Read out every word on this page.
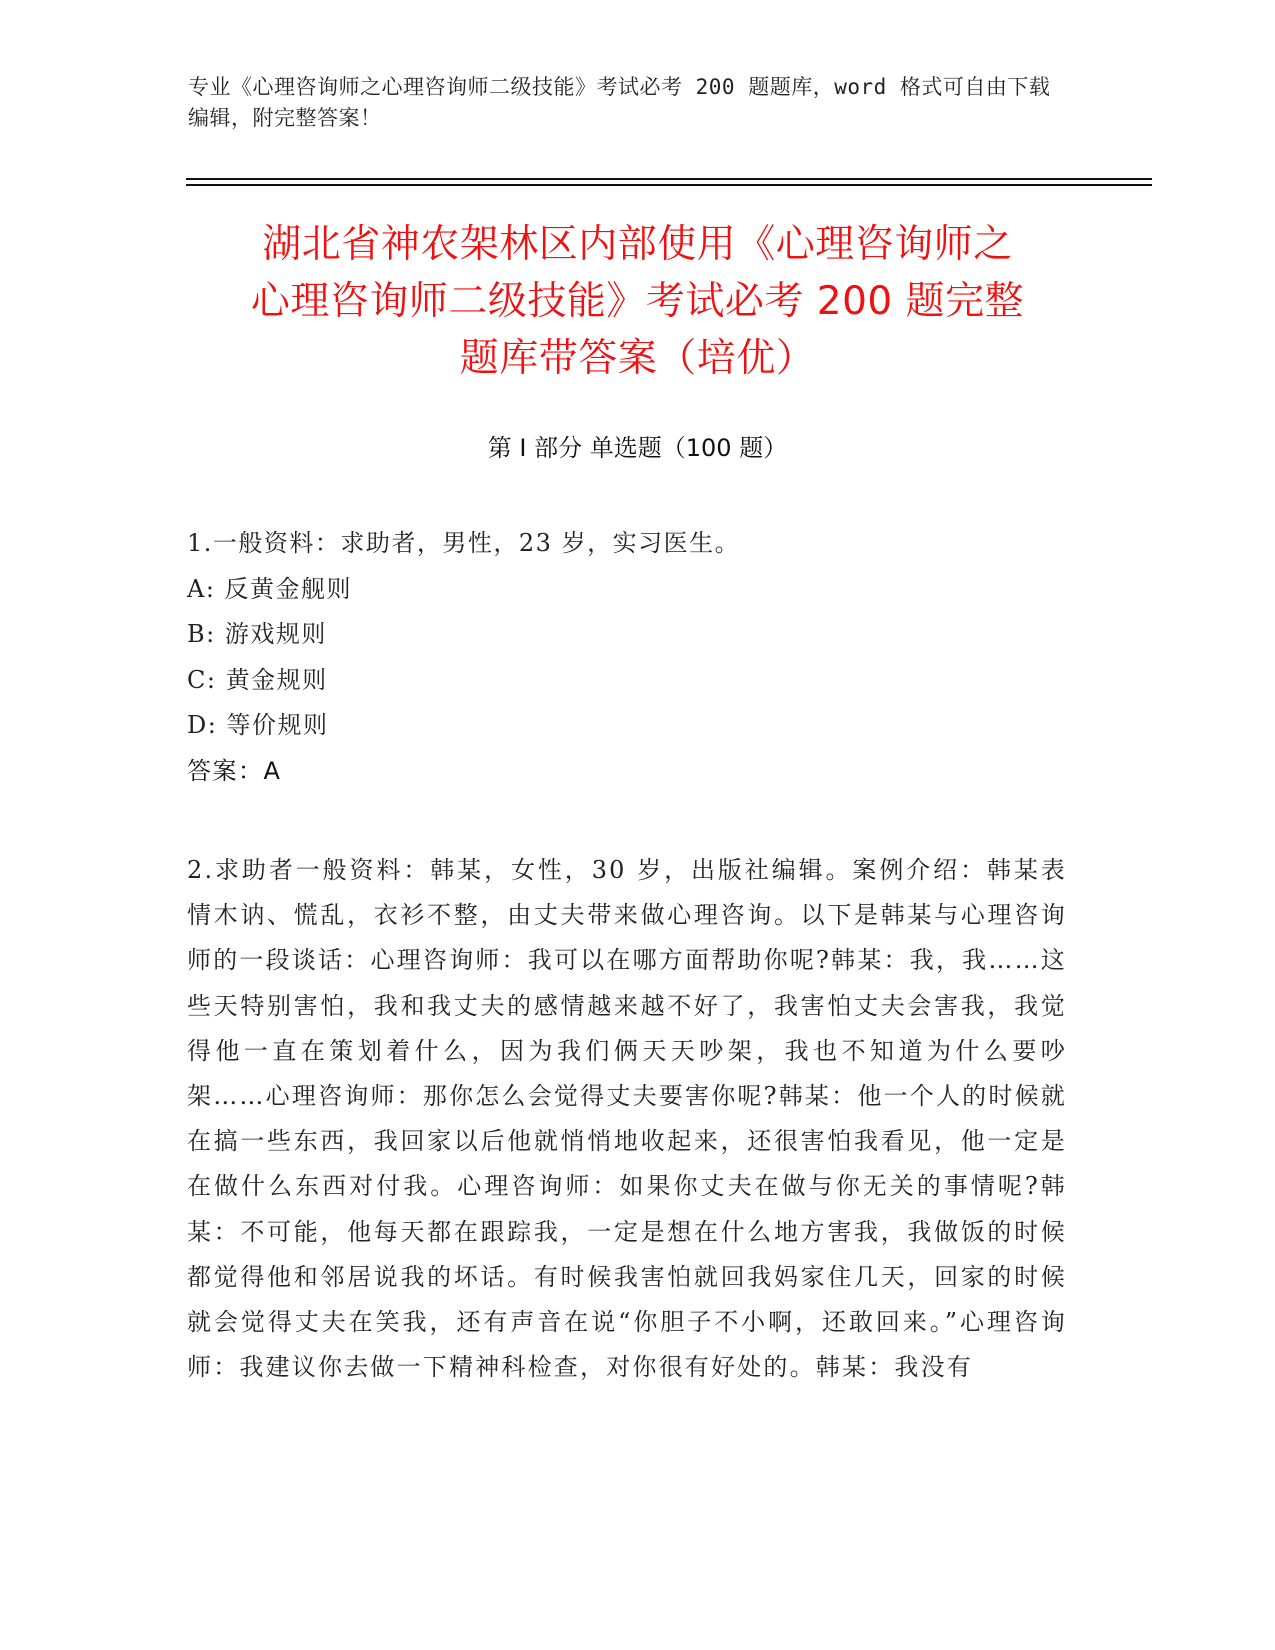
专业《心理咨询师之心理咨询师二级技能》考试必考 200 题题库，word 格式可自由下载编辑，附完整答案！
湖北省神农架林区内部使用《心理咨询师之
心理咨询师二级技能》考试必考 200 题完整
题库带答案（培优）
第 I 部分 单选题（100 题）
1.一般资料：求助者，男性，23 岁，实习医生。
A: 反黄金舰则
B: 游戏规则
C: 黄金规则
D: 等价规则
答案：A
2.求助者一般资料：韩某，女性，30 岁，出版社编辑。案例介绍：韩某表情木讷、慌乱，衣衫不整，由丈夫带来做心理咨询。以下是韩某与心理咨询师的一段谈话：心理咨询师：我可以在哪方面帮助你呢?韩某：我，我……这些天特别害怕，我和我丈夫的感情越来越不好了，我害怕丈夫会害我，我觉得他一直在策划着什么，因为我们俩天天吵架，我也不知道为什么要吵架……心理咨询师：那你怎么会觉得丈夫要害你呢?韩某：他一个人的时候就在搞一些东西，我回家以后他就悄悄地收起来，还很害怕我看见，他一定是在做什么东西对付我。心理咨询师：如果你丈夫在做与你无关的事情呢?韩某：不可能，他每天都在跟踪我，一定是想在什么地方害我，我做饭的时候都觉得他和邻居说我的坏话。有时候我害怕就回我妈家住几天，回家的时候就会觉得丈夫在笑我，还有声音在说“你胆子不小啊，还敢回来。”心理咨询师：我建议你去做一下精神科检查，对你很有好处的。韩某：我没有
